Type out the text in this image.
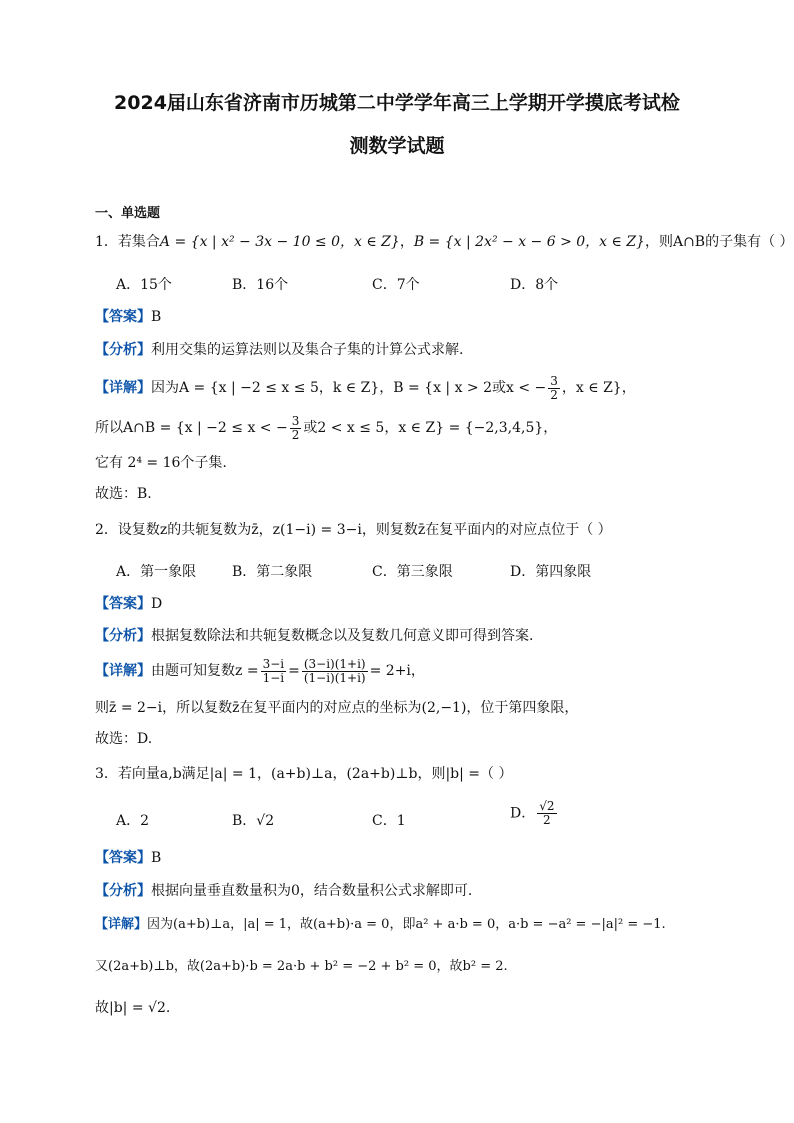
2024届山东省济南市历城第二中学学年高三上学期开学摸底考试检
测数学试题
一、单选题
1．若集合A = {x | x² − 3x − 10 ≤ 0，x ∈ Z}，B = {x | 2x² − x − 6 > 0，x ∈ Z}，则A∩B的子集有（ ）
A．15个	B．16个	C．7个	D．8个
【答案】B
【分析】利用交集的运算法则以及集合子集的计算公式求解.
【详解】因为A = {x | −2 ≤ x ≤ 5，k ∈ Z}，B = {x | x > 2或x < − $\frac{3}{2}$ ，x ∈ Z}，
所以A∩B = {x | −2 ≤ x < − $\frac{3}{2}$ 或2 < x ≤ 5，x ∈ Z} = {−2,3,4,5}，
它有 2⁴ = 16个子集.
故选：B.
2．设复数z的共轭复数为z̄，z(1−i) = 3−i，则复数z̄在复平面内的对应点位于（ ）
A．第一象限	B．第二象限	C．第三象限	D．第四象限
【答案】D
【分析】根据复数除法和共轭复数概念以及复数几何意义即可得到答案.
【详解】由题可知复数$z = \frac{3-i}{1-i} = \frac{(3-i)(1+i)}{(1-i)(1+i)} = 2+i$，
则z̄ = 2−i，所以复数z̄在复平面内的对应点的坐标为(2,−1)，位于第四象限，
故选：D.
3．若向量a,b满足|a| = 1，(a+b)⊥a，(2a+b)⊥b，则|b| =（ ）
A．2	B．√2	C．1	D． $\frac{√2}{2}$
【答案】B
【分析】根据向量垂直数量积为0，结合数量积公式求解即可.
【详解】因为(a+b)⊥a，|a| = 1，故(a+b)·a = 0，即a² + a·b = 0，a·b = −a² = −|a|² = −1.
又(2a+b)⊥b，故(2a+b)·b = 2a·b + b² = −2 + b² = 0，故b² = 2.
故|b| = √2.
